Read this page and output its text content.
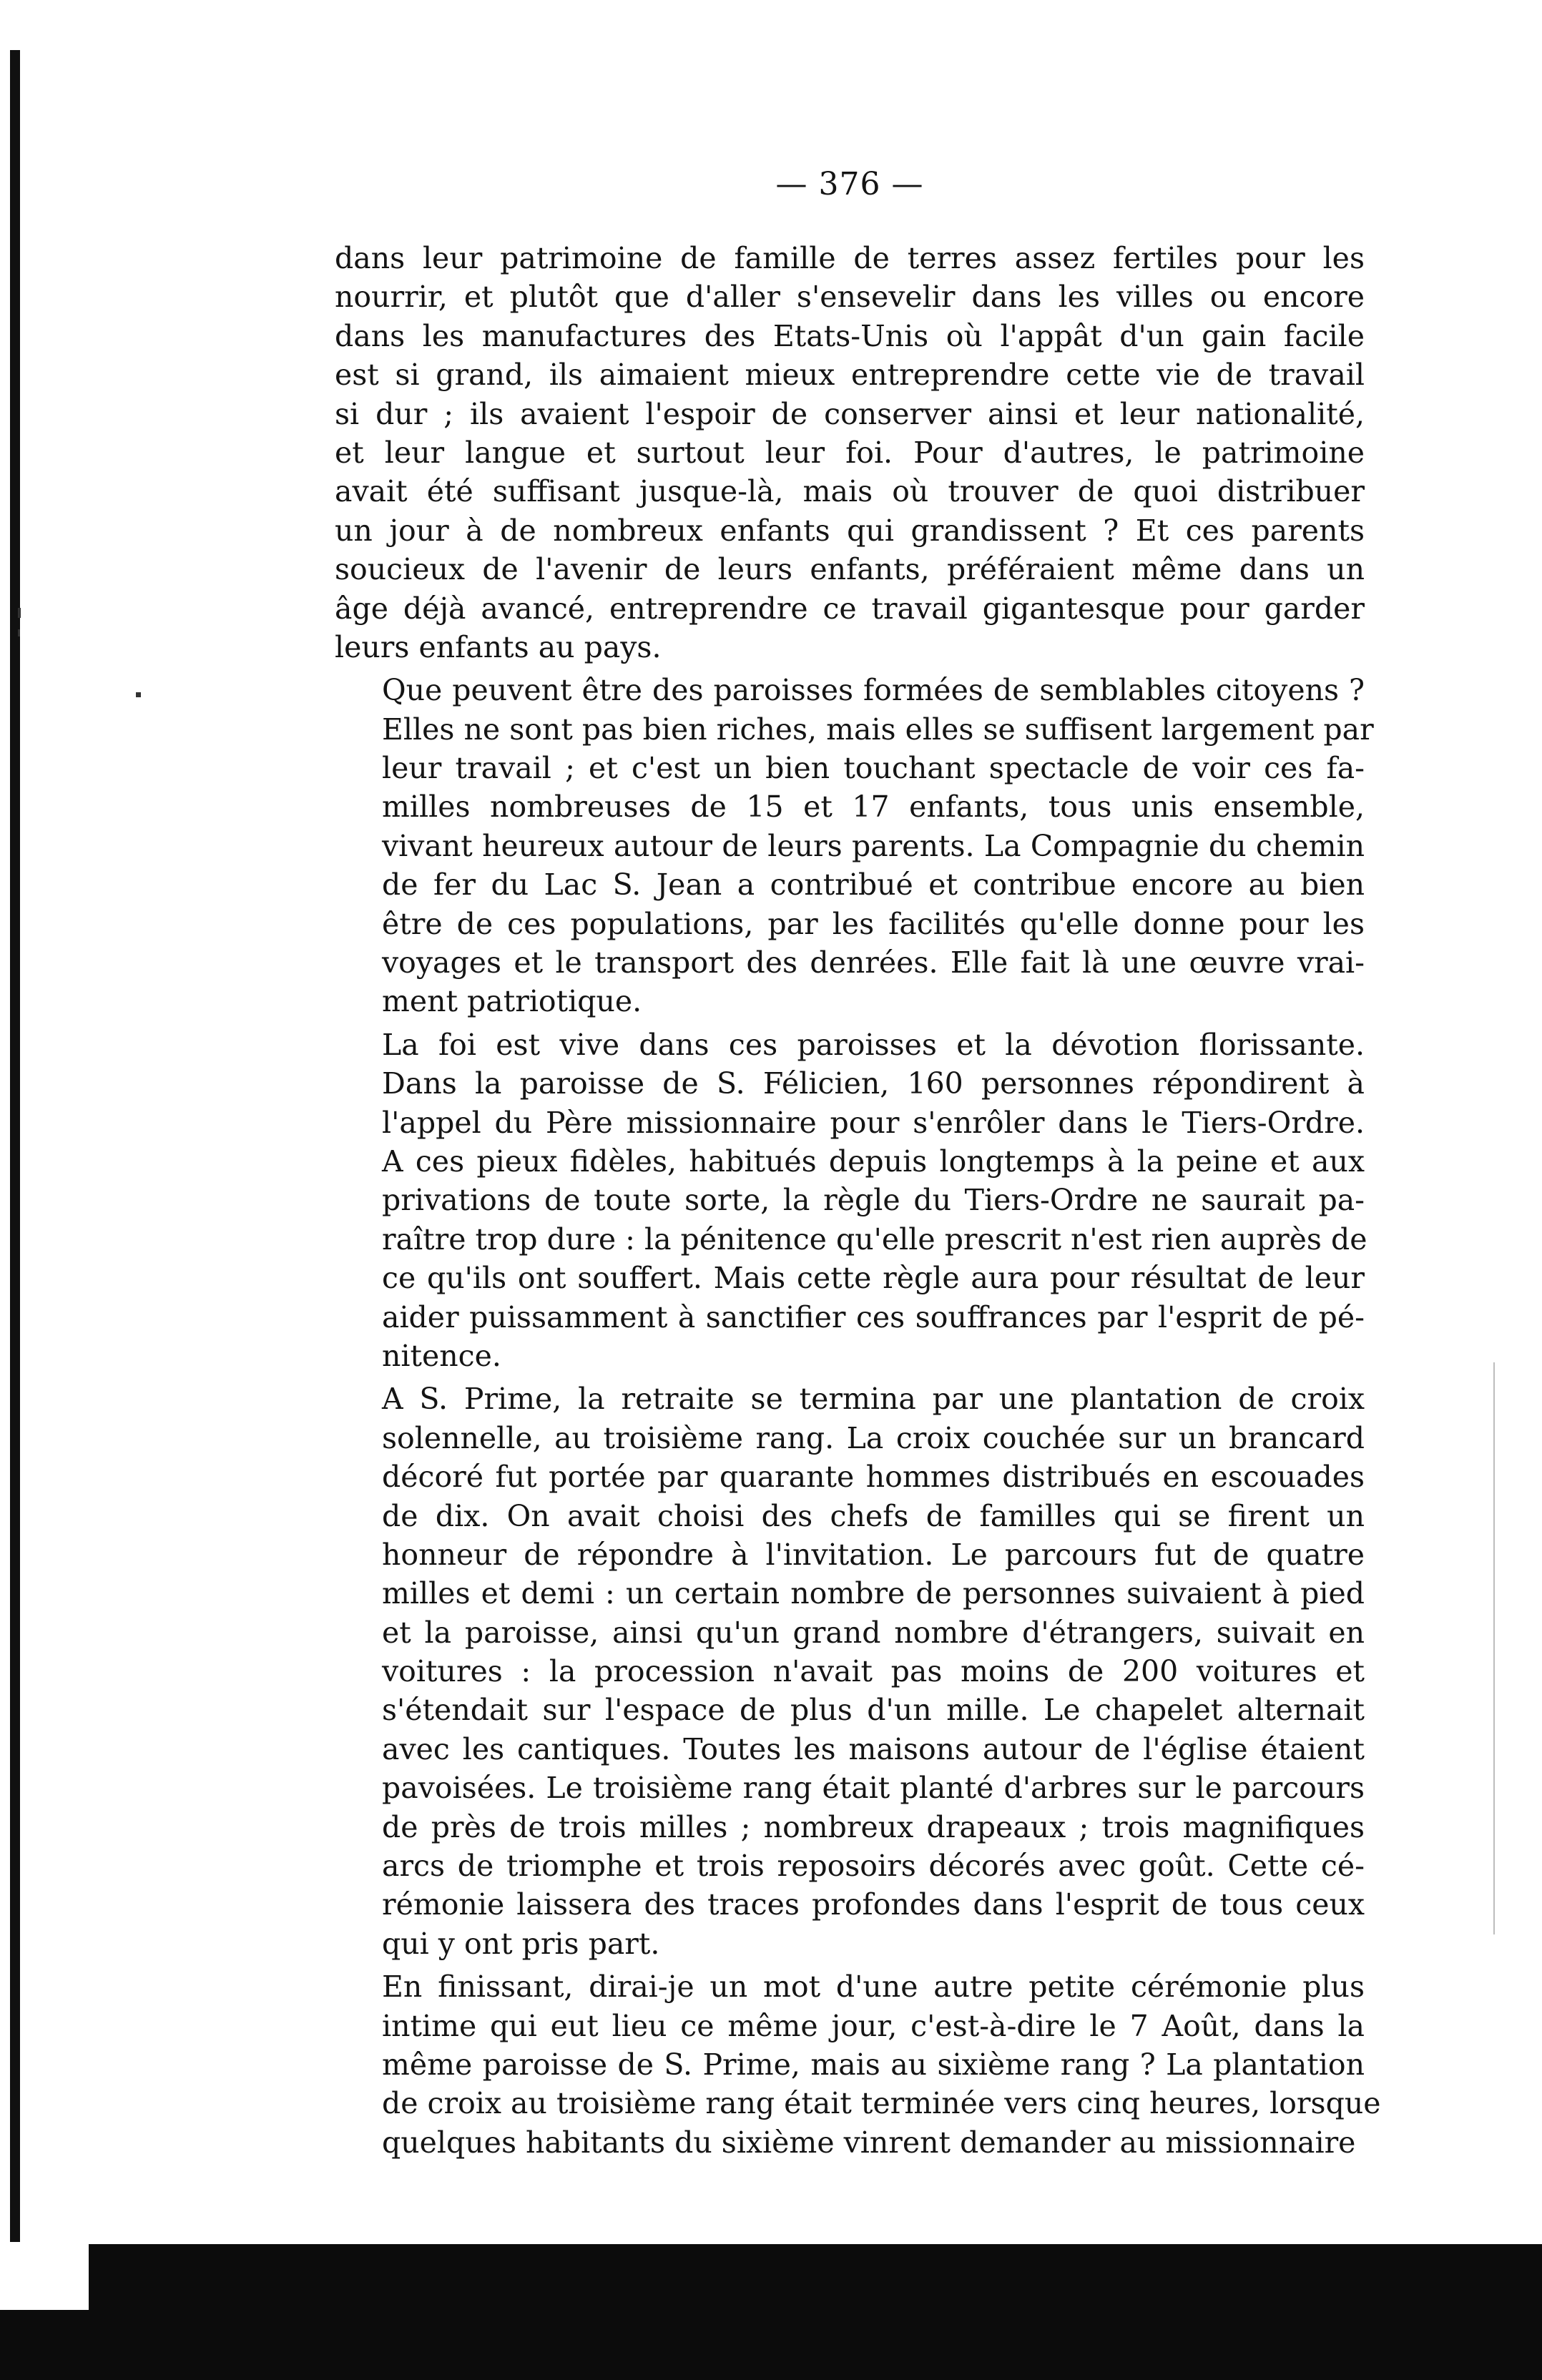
— 376 —
dans leur patrimoine de famille de terres assez fertiles pour les
nourrir, et plutôt que d'aller s'ensevelir dans les villes ou encore
dans les manufactures des Etats-Unis où l'appât d'un gain facile
est si grand, ils aimaient mieux entreprendre cette vie de travail
si dur ; ils avaient l'espoir de conserver ainsi et leur nationalité,
et leur langue et surtout leur foi. Pour d'autres, le patrimoine
avait été suffisant jusque-là, mais où trouver de quoi distribuer
un jour à de nombreux enfants qui grandissent ? Et ces parents
soucieux de l'avenir de leurs enfants, préféraient même dans un
âge déjà avancé, entreprendre ce travail gigantesque pour garder
leurs enfants au pays.
Que peuvent être des paroisses formées de semblables citoyens ?
Elles ne sont pas bien riches, mais elles se suffisent largement par
leur travail ; et c'est un bien touchant spectacle de voir ces fa-
milles nombreuses de 15 et 17 enfants, tous unis ensemble,
vivant heureux autour de leurs parents. La Compagnie du chemin
de fer du Lac S. Jean a contribué et contribue encore au bien
être de ces populations, par les facilités qu'elle donne pour les
voyages et le transport des denrées. Elle fait là une œuvre vrai-
ment patriotique.
La foi est vive dans ces paroisses et la dévotion florissante.
Dans la paroisse de S. Félicien, 160 personnes répondirent à
l'appel du Père missionnaire pour s'enrôler dans le Tiers-Ordre.
A ces pieux fidèles, habitués depuis longtemps à la peine et aux
privations de toute sorte, la règle du Tiers-Ordre ne saurait pa-
raître trop dure : la pénitence qu'elle prescrit n'est rien auprès de
ce qu'ils ont souffert. Mais cette règle aura pour résultat de leur
aider puissamment à sanctifier ces souffrances par l'esprit de pé-
nitence.
A S. Prime, la retraite se termina par une plantation de croix
solennelle, au troisième rang. La croix couchée sur un brancard
décoré fut portée par quarante hommes distribués en escouades
de dix. On avait choisi des chefs de familles qui se firent un
honneur de répondre à l'invitation. Le parcours fut de quatre
milles et demi : un certain nombre de personnes suivaient à pied
et la paroisse, ainsi qu'un grand nombre d'étrangers, suivait en
voitures : la procession n'avait pas moins de 200 voitures et
s'étendait sur l'espace de plus d'un mille. Le chapelet alternait
avec les cantiques. Toutes les maisons autour de l'église étaient
pavoisées. Le troisième rang était planté d'arbres sur le parcours
de près de trois milles ; nombreux drapeaux ; trois magnifiques
arcs de triomphe et trois reposoirs décorés avec goût. Cette cé-
rémonie laissera des traces profondes dans l'esprit de tous ceux
qui y ont pris part.
En finissant, dirai-je un mot d'une autre petite cérémonie plus
intime qui eut lieu ce même jour, c'est-à-dire le 7 Août, dans la
même paroisse de S. Prime, mais au sixième rang ? La plantation
de croix au troisième rang était terminée vers cinq heures, lorsque
quelques habitants du sixième vinrent demander au missionnaire
